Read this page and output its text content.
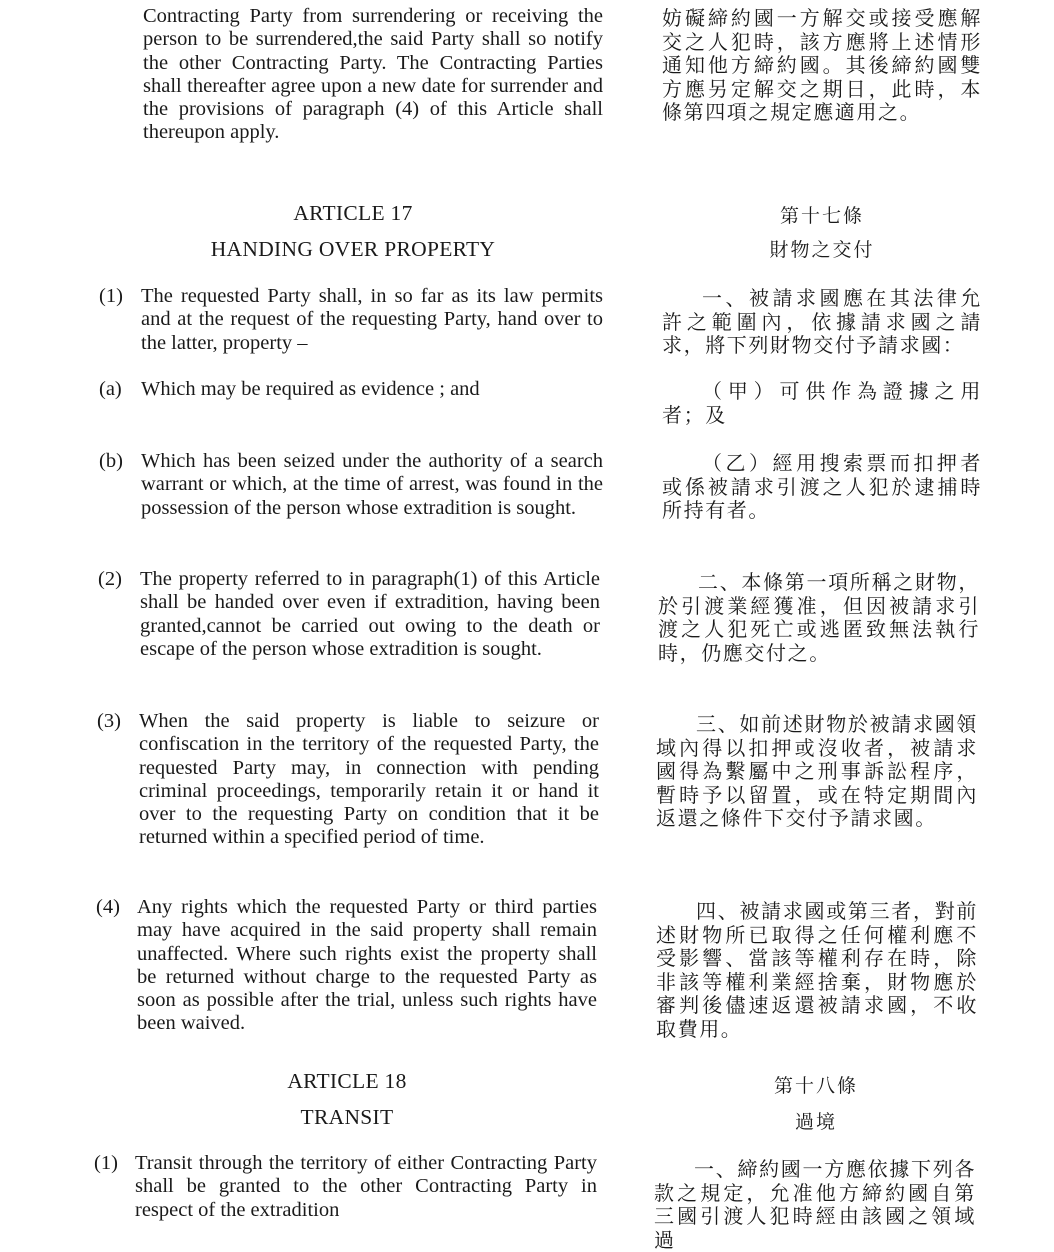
Contracting Party from surrendering or receiving the person to be surrendered,the said Party shall so notify the other Contracting Party. The Contracting Parties shall thereafter agree upon a new date for surrender and the provisions of paragraph (4) of this Article shall thereupon apply.

ARTICLE 17

HANDING OVER PROPERTY

(1) The requested Party shall, in so far as its law permits and at the request of the requesting Party, hand over to the latter, property –

(a) Which may be required as evidence ; and

(b) Which has been seized under the authority of a search warrant or which, at the time of arrest, was found in the possession of the person whose extradition is sought.

(2) The property referred to in paragraph(1) of this Article shall be handed over even if extradition, having been granted,cannot be carried out owing to the death or escape of the person whose extradition is sought.

(3) When the said property is liable to seizure or confiscation in the territory of the requested Party, the requested Party may, in connection with pending criminal proceedings, temporarily retain it or hand it over to the requesting Party on condition that it be returned within a specified period of time.

(4) Any rights which the requested Party or third parties may have acquired in the said property shall remain unaffected. Where such rights exist the property shall be returned without charge to the requested Party as soon as possible after the trial, unless such rights have been waived.

ARTICLE 18

TRANSIT

(1) Transit through the territory of either Contracting Party shall be granted to the other Contracting Party in respect of the extradition

妨礙締約國一方解交或接受應解交之人犯時，該方應將上述情形通知他方締約國。其後締約國雙方應另定解交之期日，此時，本條第四項之規定應適用之。

第十七條

財物之交付

一、被請求國應在其法律允許之範圍內，依據請求國之請求，將下列財物交付予請求國：

（甲）可供作為證據之用者；及

（乙）經用搜索票而扣押者或係被請求引渡之人犯於逮捕時所持有者。

二、本條第一項所稱之財物，於引渡業經獲准，但因被請求引渡之人犯死亡或逃匿致無法執行時，仍應交付之。

三、如前述財物於被請求國領域內得以扣押或沒收者，被請求國得為繫屬中之刑事訴訟程序，暫時予以留置，或在特定期間內返還之條件下交付予請求國。

四、被請求國或第三者，對前述財物所已取得之任何權利應不受影響、當該等權利存在時，除非該等權利業經捨棄，財物應於審判後儘速返還被請求國，不收取費用。

第十八條

過境

一、締約國一方應依據下列各款之規定，允准他方締約國自第三國引渡人犯時經由該國之領域過
